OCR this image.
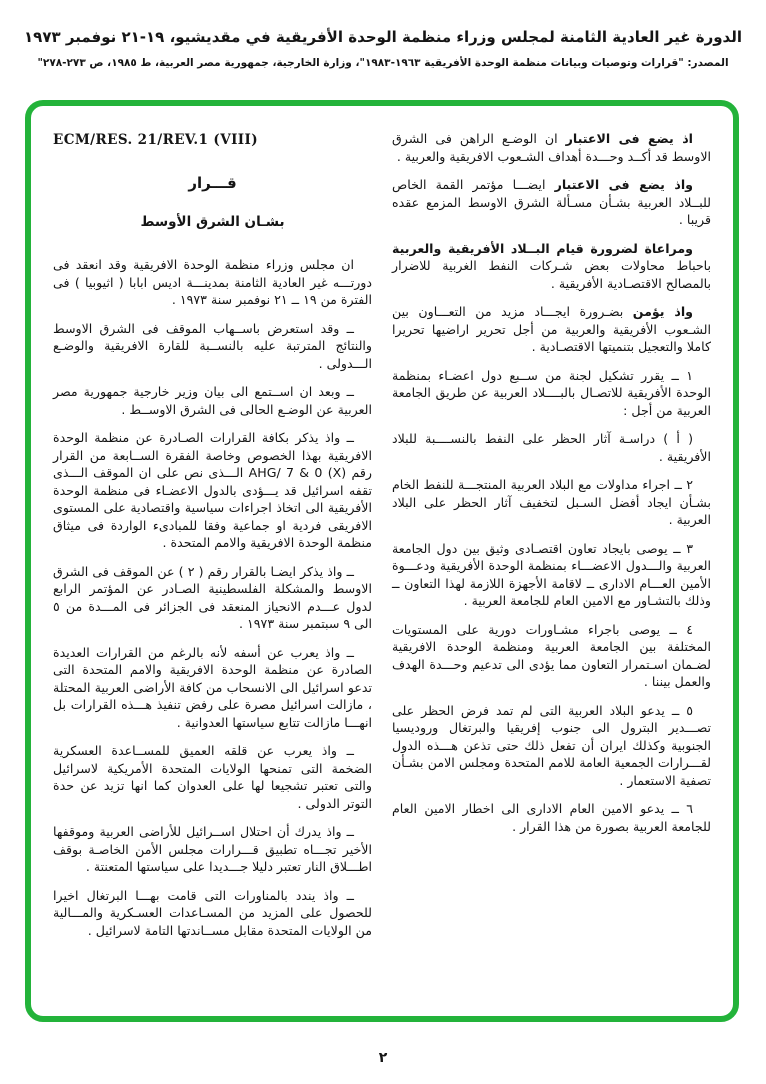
الدورة غير العادية الثامنة لمجلس وزراء منظمة الوحدة الأفريقية في مقديشيو، ١٩-٢١ نوفمبر ١٩٧٣
المصدر: "قرارات وتوصيات وبيانات منظمة الوحدة الأفريقية ١٩٦٣-١٩٨٣"، وزارة الخارجية، جمهورية مصر العربية، ط ١٩٨٥، ص ٢٧٣-٢٧٨"

اذ يضع فى الاعتبار ان الوضـع الراهن فى الشرق الاوسط قد أكــد وحـــدة أهداف الشـعوب الافريقية والعربية .

واذ يضع فى الاعتبار ايضـــا مؤتمر القمة الخاص للبــلاد العربية بشـأن مسـألة الشرق الاوسط المزمع عقده قريبا .

ومراعاة لضرورة قيام البــلاد الأفريقية والعربية باحباط محاولات بعض شـركات النفط الغربية للاضرار بالمصالح الاقتصـادية الأفريقية .

واذ يؤمن بضـرورة ايجـــاد مزيد من التعـــاون بين الشـعوب الأفريقية والعربية من أجل تحرير اراضيها تحريرا كاملا والتعجيل بتنميتها الاقتصـادية .

١ ــ يقرر تشكيل لجنة من ســبع دول اعضـاء بمنظمة الوحدة الأفريقية للاتصـال بالبــــلاد العربية عن طريق الجامعة العربية من أجل :

( أ ) دراسـة آثار الحظر على النفط بالنســــبة للبلاد الأفريقية .

٢ ــ اجراء مداولات مع البلاد العربية المنتجـــة للنفط الخام بشـأن ايجاد أفضل السـبل لتخفيف آثار الحظر على البلاد العربية .

٣ ــ يوصى بايجاد تعاون اقتصـادى وثيق بين دول الجامعة العربية والـــدول الاعضـــاء بمنظمة الوحدة الأفريقية ودعـــوة الأمين العـــام الادارى ــ لاقامة الأجهزة اللازمة لهذا التعاون ــ وذلك بالتشـاور مع الامين العام للجامعة العربية .

٤ ــ يوصى باجراء مشـاورات دورية على المستويات المختلفة بين الجامعة العربية ومنظمة الوحدة الافريقية لضـمان اسـتمرار التعاون مما يؤدى الى تدعيم وحـــدة الهدف والعمل بيننا .

٥ ــ يدعو البلاد العربية التى لم تمد فرض الحظر على تصـــدير البترول الى جنوب إفريقيا والبرتغال وروديسيا الجنوبية وكذلك ايران أن تفعل ذلك حتى تذعن هـــذه الدول لقـــرارات الجمعية العامة للامم المتحدة ومجلس الامن بشـأن تصفية الاستعمار .

٦ ــ يدعو الامين العام الادارى الى اخطار الامين العام للجامعة العربية بصورة من هذا القرار .

ECM/RES. 21/REV.1 (VIII)
قـــرار
بشـان الشرق الأوسط

ان مجلس وزراء منظمة الوحدة الافريقية وقد انعقد فى دورتـــه غير العادية الثامنة بمدينـــة اديس ابابا ( اثيوبيا ) فى الفترة من ١٩ ــ ٢١ نوفمبر سنة ١٩٧٣ .

ــ وقد استعرض باســهاب الموقف فى الشرق الاوسط والنتائج المترتبة عليه بالنســبة للقارة الافريقية والوضـع الـــدولى .

ــ وبعد ان اســتمع الى بيان وزير خارجية جمهورية مصر العربية عن الوضـع الحالى فى الشرق الاوســط .

ــ واذ يذكر بكافة القرارات الصـادرة عن منظمة الوحدة الافريقية بهذا الخصوص وخاصة الفقرة الســابعة من القرار رقم AHG/ 7 & 0 (X) الـــذى نص على ان الموقف الـــذى تقفه اسرائيل قد يـــؤدى بالدول الاعضـاء فى منظمة الوحدة الأفريقية الى اتخاذ اجراءات سياسية واقتصادية على المستوى الافريقى فردية او جماعية وفقا للمبادىء الواردة فى ميثاق منظمة الوحدة الافريقية والامم المتحدة .

ــ واذ يذكر ايضـا بالقرار رقم ( ٢ ) عن الموقف فى الشرق الاوسط والمشكلة الفلسطينية الصـادر عن المؤتمر الرابع لدول عـــدم الانحياز المنعقد فى الجزائر فى المـــدة من ٥ الى ٩ سبتمبر سنة ١٩٧٣ .

ــ واذ يعرب عن أسفه لأنه بالرغم من القرارات العديدة الصادرة عن منظمة الوحدة الافريقية والامم المتحدة التى تدعو اسرائيل الى الانسحاب من كافة الأراضى العربية المحتلة ، مازالت اسرائيل مصرة على رفض تنفيذ هـــذه القرارات بل انهـــا مازالت تتابع سياستها العدوانية .

ــ واذ يعرب عن قلقه العميق للمســاعدة العسكرية الضخمة التى تمنحها الولايات المتحدة الأمريكية لاسرائيل والتى تعتبر تشجيعا لها على العدوان كما انها تزيد عن حدة التوتر الدولى .

ــ واذ يدرك أن احتلال اســرائيل للأراضى العربية وموقفها الأخير تجـــاه تطبيق قـــرارات مجلس الأمن الخاصـة بوقف اطـــلاق النار تعتبر دليلا جـــديدا على سياستها المتعنتة .

ــ واذ يندد بالمناورات التى قامت بهـــا البرتغال اخيرا للحصول على المزيد من المسـاعدات العسـكرية والمـــالية من الولايات المتحدة مقابل مســاندتها التامة لاسرائيل .

٢
